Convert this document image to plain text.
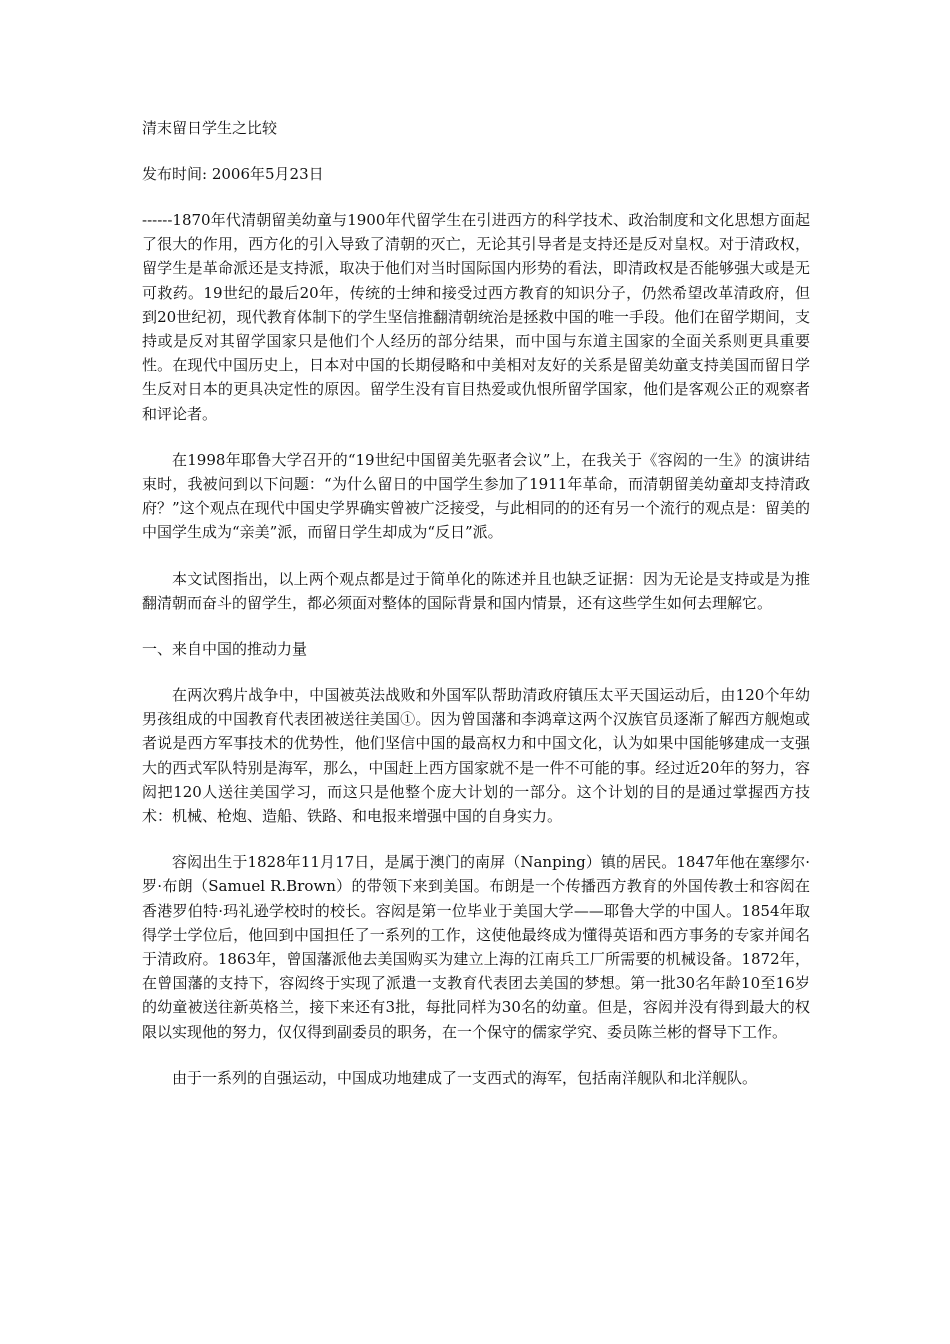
清末留日学生之比较

发布时间: 2006年5月23日

------1870年代清朝留美幼童与1900年代留学生在引进西方的科学技术、政治制度和文化思想方面起了很大的作用，西方化的引入导致了清朝的灭亡，无论其引导者是支持还是反对皇权。对于清政权，留学生是革命派还是支持派，取决于他们对当时国际国内形势的看法，即清政权是否能够强大或是无可救药。19世纪的最后20年，传统的士绅和接受过西方教育的知识分子，仍然希望改革清政府，但到20世纪初，现代教育体制下的学生坚信推翻清朝统治是拯救中国的唯一手段。他们在留学期间，支持或是反对其留学国家只是他们个人经历的部分结果，而中国与东道主国家的全面关系则更具重要性。在现代中国历史上，日本对中国的长期侵略和中美相对友好的关系是留美幼童支持美国而留日学生反对日本的更具决定性的原因。留学生没有盲目热爱或仇恨所留学国家，他们是客观公正的观察者和评论者。

在1998年耶鲁大学召开的“19世纪中国留美先驱者会议”上，在我关于《容闳的一生》的演讲结束时，我被问到以下问题：“为什么留日的中国学生参加了1911年革命，而清朝留美幼童却支持清政府？”这个观点在现代中国史学界确实曾被广泛接受，与此相同的的还有另一个流行的观点是：留美的中国学生成为“亲美”派，而留日学生却成为“反日”派。

本文试图指出，以上两个观点都是过于简单化的陈述并且也缺乏证据：因为无论是支持或是为推翻清朝而奋斗的留学生，都必须面对整体的国际背景和国内情景，还有这些学生如何去理解它。

一、来自中国的推动力量

在两次鸦片战争中，中国被英法战败和外国军队帮助清政府镇压太平天国运动后，由120个年幼男孩组成的中国教育代表团被送往美国①。因为曾国藩和李鸿章这两个汉族官员逐渐了解西方舰炮或者说是西方军事技术的优势性，他们坚信中国的最高权力和中国文化，认为如果中国能够建成一支强大的西式军队特别是海军，那么，中国赶上西方国家就不是一件不可能的事。经过近20年的努力，容闳把120人送往美国学习，而这只是他整个庞大计划的一部分。这个计划的目的是通过掌握西方技术：机械、枪炮、造船、铁路、和电报来增强中国的自身实力。

容闳出生于1828年11月17日，是属于澳门的南屏（Nanping）镇的居民。1847年他在塞缪尔·罗·布朗（Samuel R.Brown）的带领下来到美国。布朗是一个传播西方教育的外国传教士和容闳在香港罗伯特·玛礼逊学校时的校长。容闳是第一位毕业于美国大学——耶鲁大学的中国人。1854年取得学士学位后，他回到中国担任了一系列的工作，这使他最终成为懂得英语和西方事务的专家并闻名于清政府。1863年，曾国藩派他去美国购买为建立上海的江南兵工厂所需要的机械设备。1872年，在曾国藩的支持下，容闳终于实现了派遣一支教育代表团去美国的梦想。第一批30名年龄10至16岁的幼童被送往新英格兰，接下来还有3批，每批同样为30名的幼童。但是，容闳并没有得到最大的权限以实现他的努力，仅仅得到副委员的职务，在一个保守的儒家学究、委员陈兰彬的督导下工作。

由于一系列的自强运动，中国成功地建成了一支西式的海军，包括南洋舰队和北洋舰队。
